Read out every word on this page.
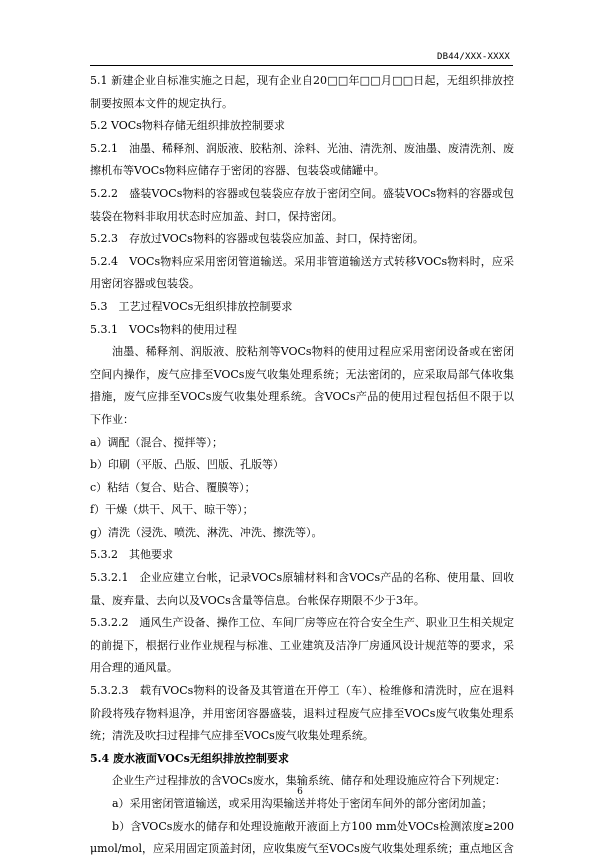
DB44/XXX-XXXX

5.1 新建企业自标准实施之日起，现有企业自20□□年□□月□□日起，无组织排放控制要按照本文件的规定执行。

5.2 VOCs物料存储无组织排放控制要求

5.2.1　油墨、稀释剂、润版液、胶粘剂、涂料、光油、清洗剂、废油墨、废清洗剂、废擦机布等VOCs物料应储存于密闭的容器、包装袋或储罐中。

5.2.2　盛装VOCs物料的容器或包装袋应存放于密闭空间。盛装VOCs物料的容器或包装袋在物料非取用状态时应加盖、封口，保持密闭。

5.2.3　存放过VOCs物料的容器或包装袋应加盖、封口，保持密闭。

5.2.4　VOCs物料应采用密闭管道输送。采用非管道输送方式转移VOCs物料时，应采用密闭容器或包装袋。

5.3　工艺过程VOCs无组织排放控制要求

5.3.1　VOCs物料的使用过程

油墨、稀释剂、润版液、胶粘剂等VOCs物料的使用过程应采用密闭设备或在密闭空间内操作，废气应排至VOCs废气收集处理系统；无法密闭的，应采取局部气体收集措施，废气应排至VOCs废气收集处理系统。含VOCs产品的使用过程包括但不限于以下作业：

a）调配（混合、搅拌等）；

b）印刷（平版、凸版、凹版、孔版等）

c）粘结（复合、贴合、覆膜等）；

f）干燥（烘干、风干、晾干等）；

g）清洗（浸洗、喷洗、淋洗、冲洗、擦洗等）。

5.3.2　其他要求

5.3.2.1　企业应建立台帐，记录VOCs原辅材料和含VOCs产品的名称、使用量、回收量、废弃量、去向以及VOCs含量等信息。台帐保存期限不少于3年。

5.3.2.2　通风生产设备、操作工位、车间厂房等应在符合安全生产、职业卫生相关规定的前提下，根据行业作业规程与标准、工业建筑及洁净厂房通风设计规范等的要求，采用合理的通风量。

5.3.2.3　载有VOCs物料的设备及其管道在开停工（车）、检维修和清洗时，应在退料阶段将残存物料退净，并用密闭容器盛装，退料过程废气应排至VOCs废气收集处理系统；清洗及吹扫过程排气应排至VOCs废气收集处理系统。

5.4 废水液面VOCs无组织排放控制要求

企业生产过程排放的含VOCs废水，集输系统、储存和处理设施应符合下列规定：

a）采用密闭管道输送，或采用沟渠输送并将处于密闭车间外的部分密闭加盖；

b）含VOCs废水的储存和处理设施敞开液面上方100 mm处VOCs检测浓度≥200 μmol/mol，应采用固定顶盖封闭，应收集废气至VOCs废气收集处理系统；重点地区含

6
